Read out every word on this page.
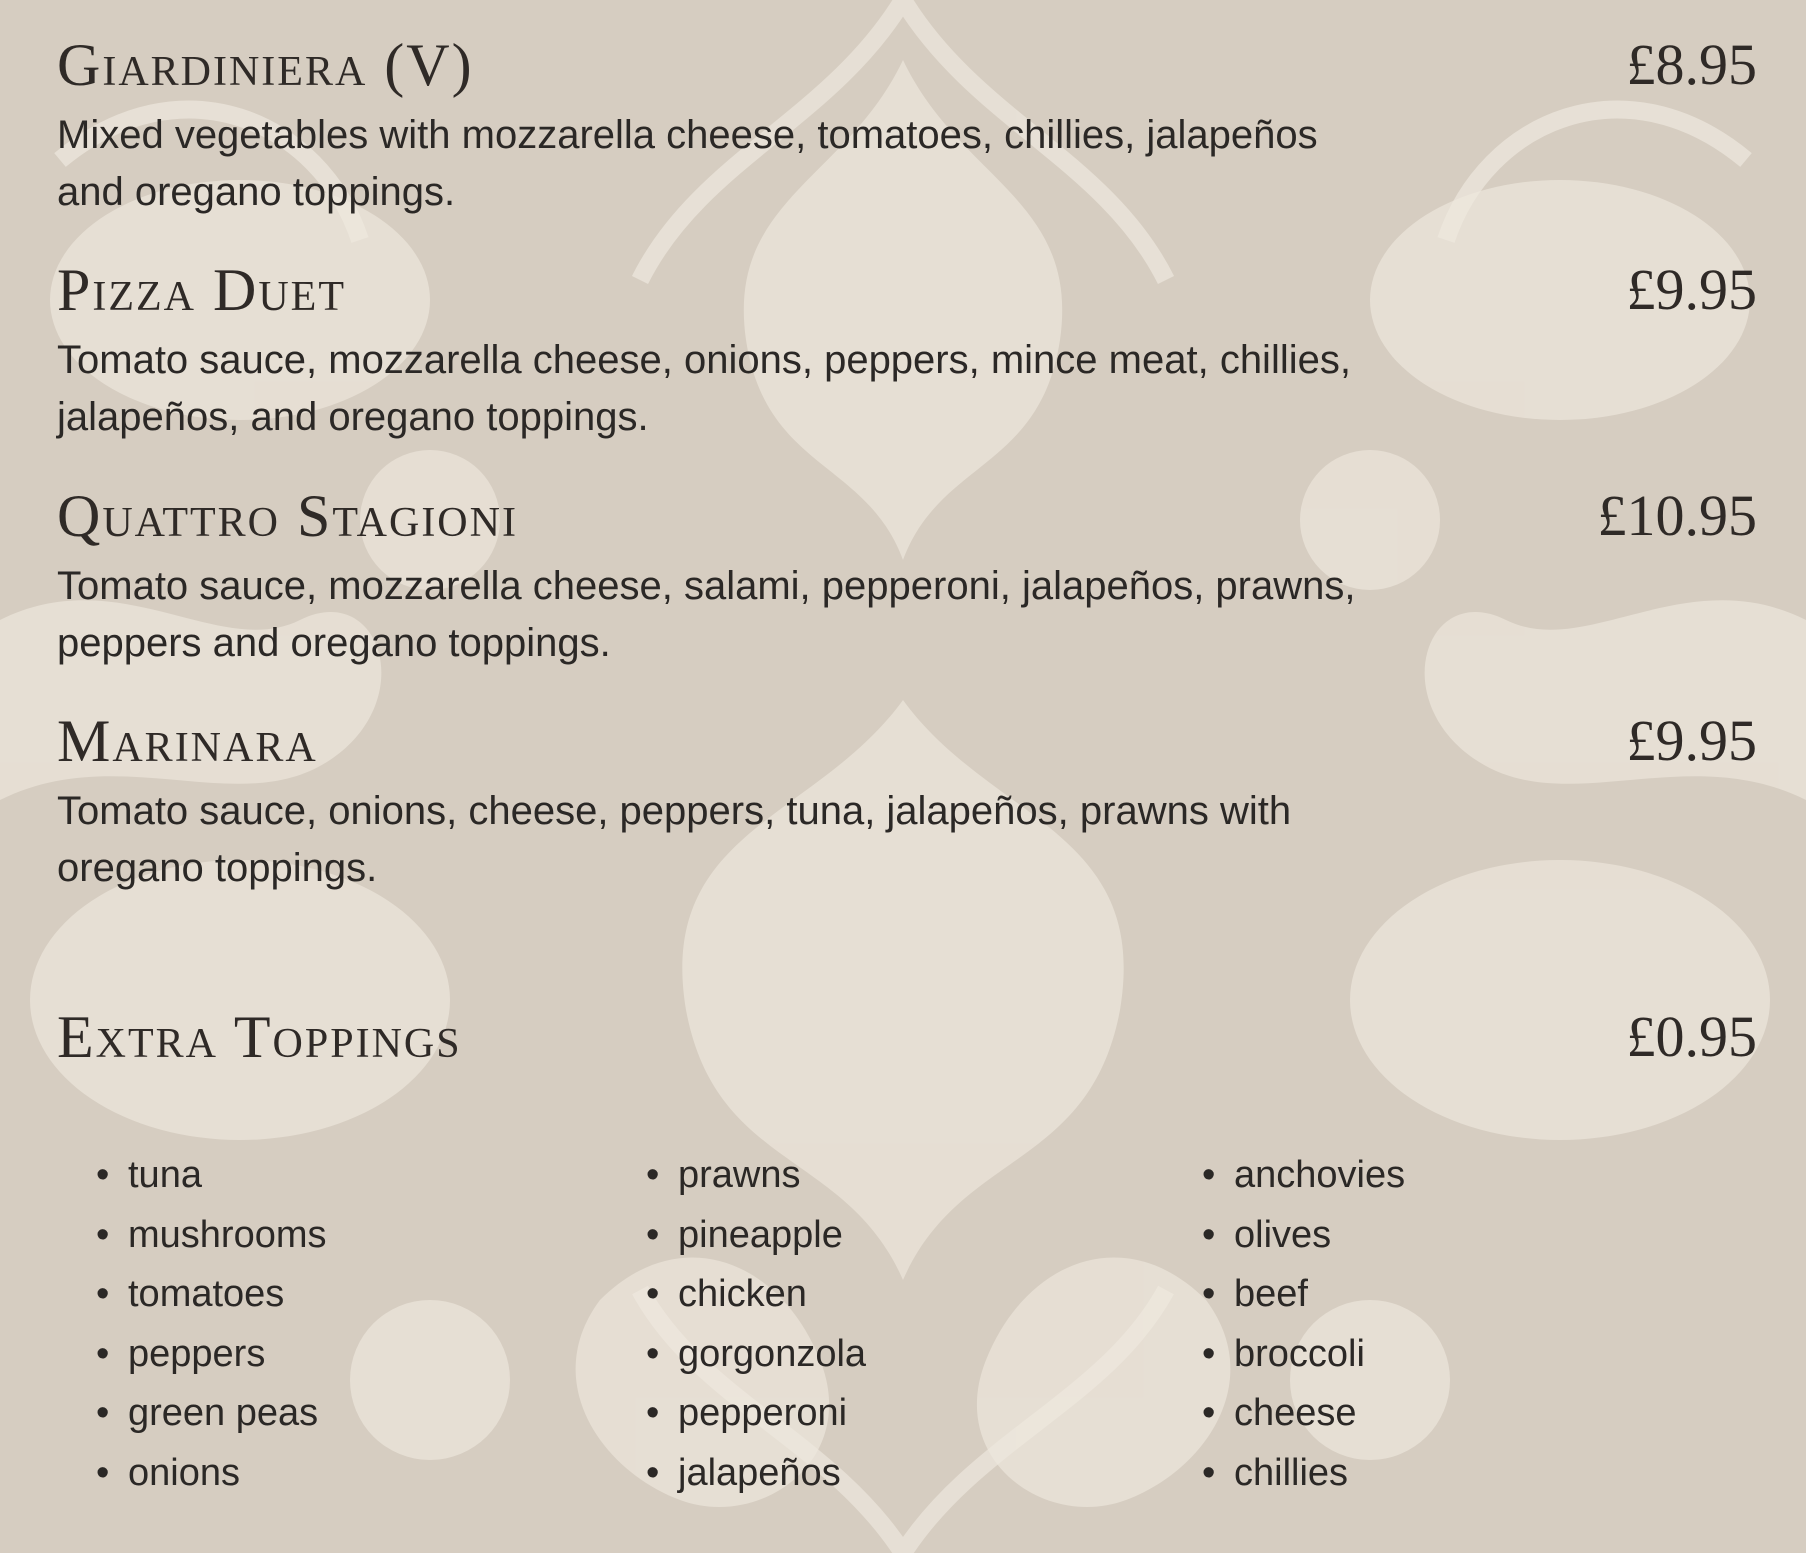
Giardiniera (V)	£8.95
Mixed vegetables with mozzarella cheese, tomatoes, chillies, jalapeños and oregano toppings.
Pizza Duet	£9.95
Tomato sauce, mozzarella cheese, onions, peppers, mince meat, chillies, jalapeños, and oregano toppings.
Quattro Stagioni	£10.95
Tomato sauce, mozzarella cheese, salami, pepperoni, jalapeños, prawns, peppers and oregano toppings.
Marinara	£9.95
Tomato sauce, onions, cheese, peppers, tuna, jalapeños, prawns with oregano toppings.
Extra Toppings	£0.95
• tuna
• mushrooms
• tomatoes
• peppers
• green peas
• onions
• prawns
• pineapple
• chicken
• gorgonzola
• pepperoni
• jalapeños
• anchovies
• olives
• beef
• broccoli
• cheese
• chillies
